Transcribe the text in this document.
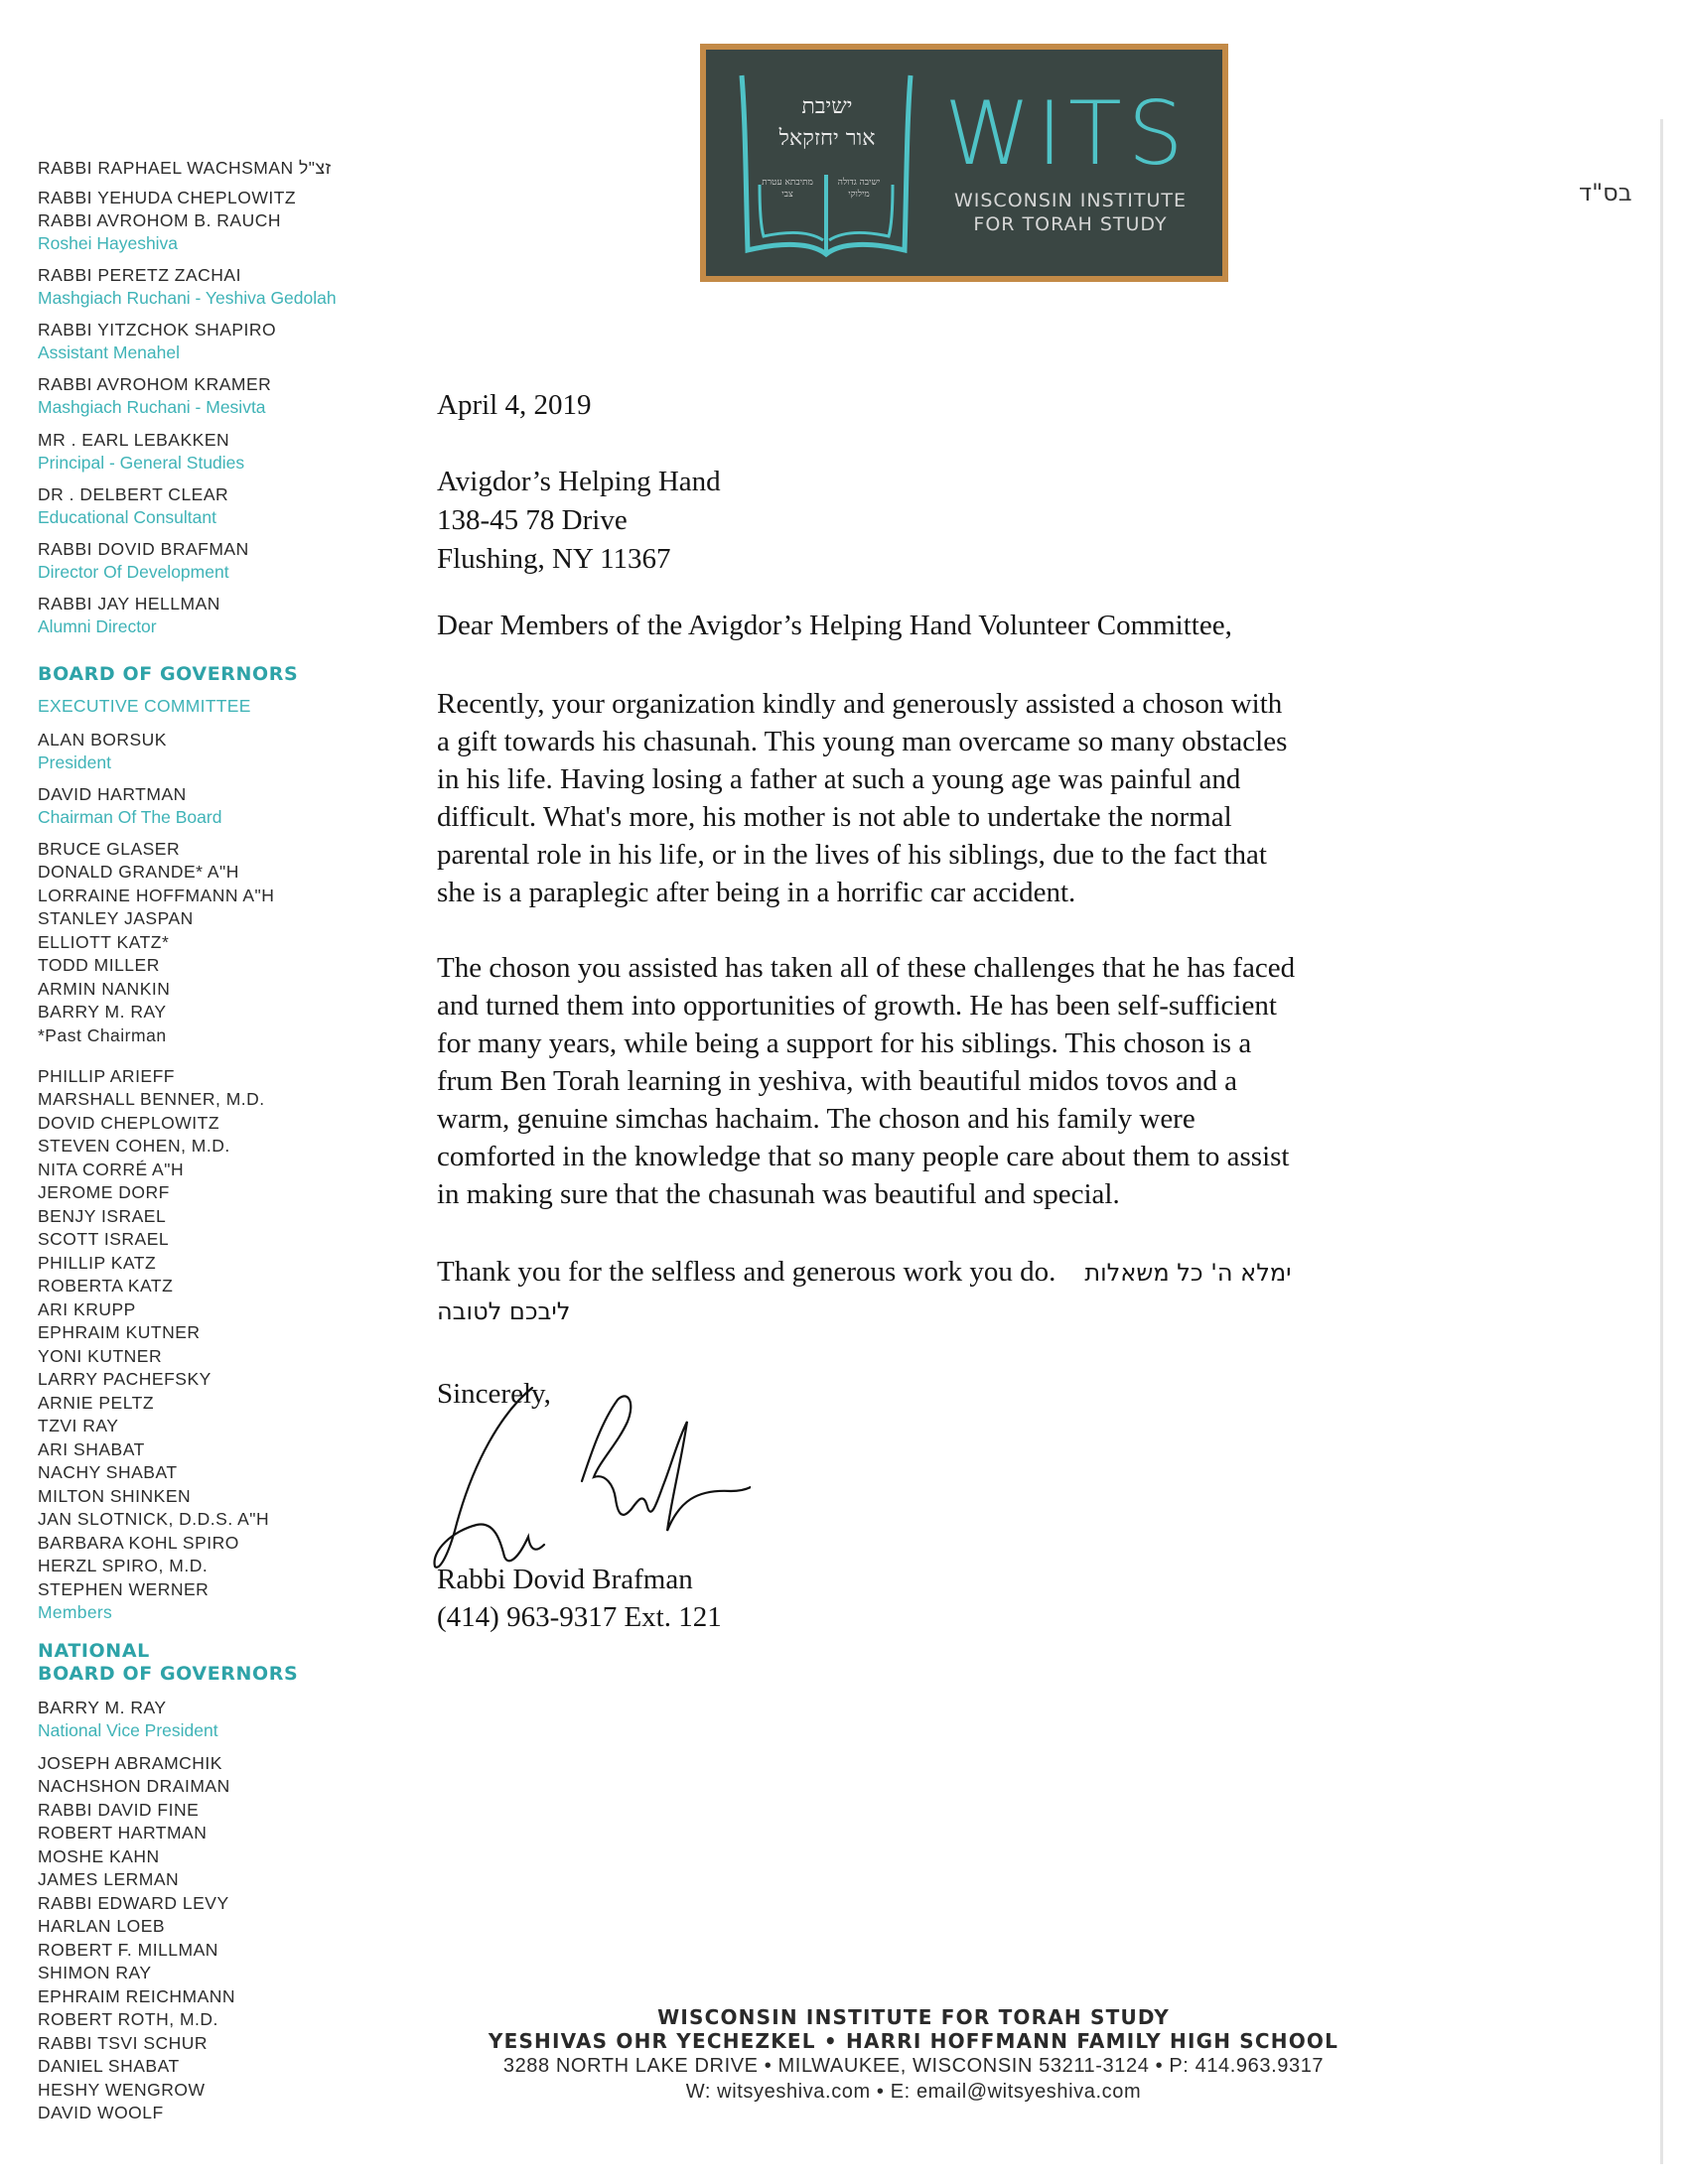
ישיבת
אור יחזקאל
מתיבתא עטרת צבי
ישיבה גדולה מילוקי
WITS
WISCONSIN INSTITUTE
FOR TORAH STUDY
בס"ד
RABBI RAPHAEL WACHSMAN זצ"ל
RABBI YEHUDA CHEPLOWITZ
RABBI AVROHOM B. RAUCH
Roshei Hayeshiva
RABBI PERETZ ZACHAI
Mashgiach Ruchani - Yeshiva Gedolah
RABBI YITZCHOK SHAPIRO
Assistant Menahel
RABBI AVROHOM KRAMER
Mashgiach Ruchani - Mesivta
MR . EARL LEBAKKEN
Principal - General Studies
DR . DELBERT CLEAR
Educational Consultant
RABBI DOVID BRAFMAN
Director Of Development
RABBI JAY HELLMAN
Alumni Director
BOARD OF GOVERNORS
EXECUTIVE COMMITTEE
ALAN BORSUK
President
DAVID HARTMAN
Chairman Of The Board
BRUCE GLASER
DONALD GRANDE* A"H
LORRAINE HOFFMANN A"H
STANLEY JASPAN
ELLIOTT KATZ*
TODD MILLER
ARMIN NANKIN
BARRY M. RAY
*Past Chairman
PHILLIP ARIEFF
MARSHALL BENNER, M.D.
DOVID CHEPLOWITZ
STEVEN COHEN, M.D.
NITA CORRÉ A"H
JEROME DORF
BENJY ISRAEL
SCOTT ISRAEL
PHILLIP KATZ
ROBERTA KATZ
ARI KRUPP
EPHRAIM KUTNER
YONI KUTNER
LARRY PACHEFSKY
ARNIE PELTZ
TZVI RAY
ARI SHABAT
NACHY SHABAT
MILTON SHINKEN
JAN SLOTNICK, D.D.S. A"H
BARBARA KOHL SPIRO
HERZL SPIRO, M.D.
STEPHEN WERNER
Members
NATIONAL
BOARD OF GOVERNORS
BARRY M. RAY
National Vice President
JOSEPH ABRAMCHIK
NACHSHON DRAIMAN
RABBI DAVID FINE
ROBERT HARTMAN
MOSHE KAHN
JAMES LERMAN
RABBI EDWARD LEVY
HARLAN LOEB
ROBERT F. MILLMAN
SHIMON RAY
EPHRAIM REICHMANN
ROBERT ROTH, M.D.
RABBI TSVI SCHUR
DANIEL SHABAT
HESHY WENGROW
DAVID WOOLF
April 4, 2019
Avigdor’s Helping Hand
138-45 78 Drive
Flushing, NY 11367
Dear Members of the Avigdor’s Helping Hand Volunteer Committee,
Recently, your organization kindly and generously assisted a choson with
a gift towards his chasunah. This young man overcame so many obstacles
in his life. Having losing a father at such a young age was painful and
difficult. What's more, his mother is not able to undertake the normal
parental role in his life, or in the lives of his siblings, due to the fact that
she is a paraplegic after being in a horrific car accident.
The choson you assisted has taken all of these challenges that he has faced
and turned them into opportunities of growth. He has been self-sufficient
for many years, while being a support for his siblings. This choson is a
frum Ben Torah learning in yeshiva, with beautiful midos tovos and a
warm, genuine simchas hachaim. The choson and his family were
comforted in the knowledge that so many people care about them to assist
in making sure that the chasunah was beautiful and special.
Thank you for the selfless and generous work you do. ימלא ה' כל משאלות
ליבכם לטובה
Sincerely,
Rabbi Dovid Brafman
(414) 963-9317 Ext. 121
WISCONSIN INSTITUTE FOR TORAH STUDY
YESHIVAS OHR YECHEZKEL • HARRI HOFFMANN FAMILY HIGH SCHOOL
3288 NORTH LAKE DRIVE • MILWAUKEE, WISCONSIN 53211-3124 • P: 414.963.9317
W: witsyeshiva.com • E: email@witsyeshiva.com
